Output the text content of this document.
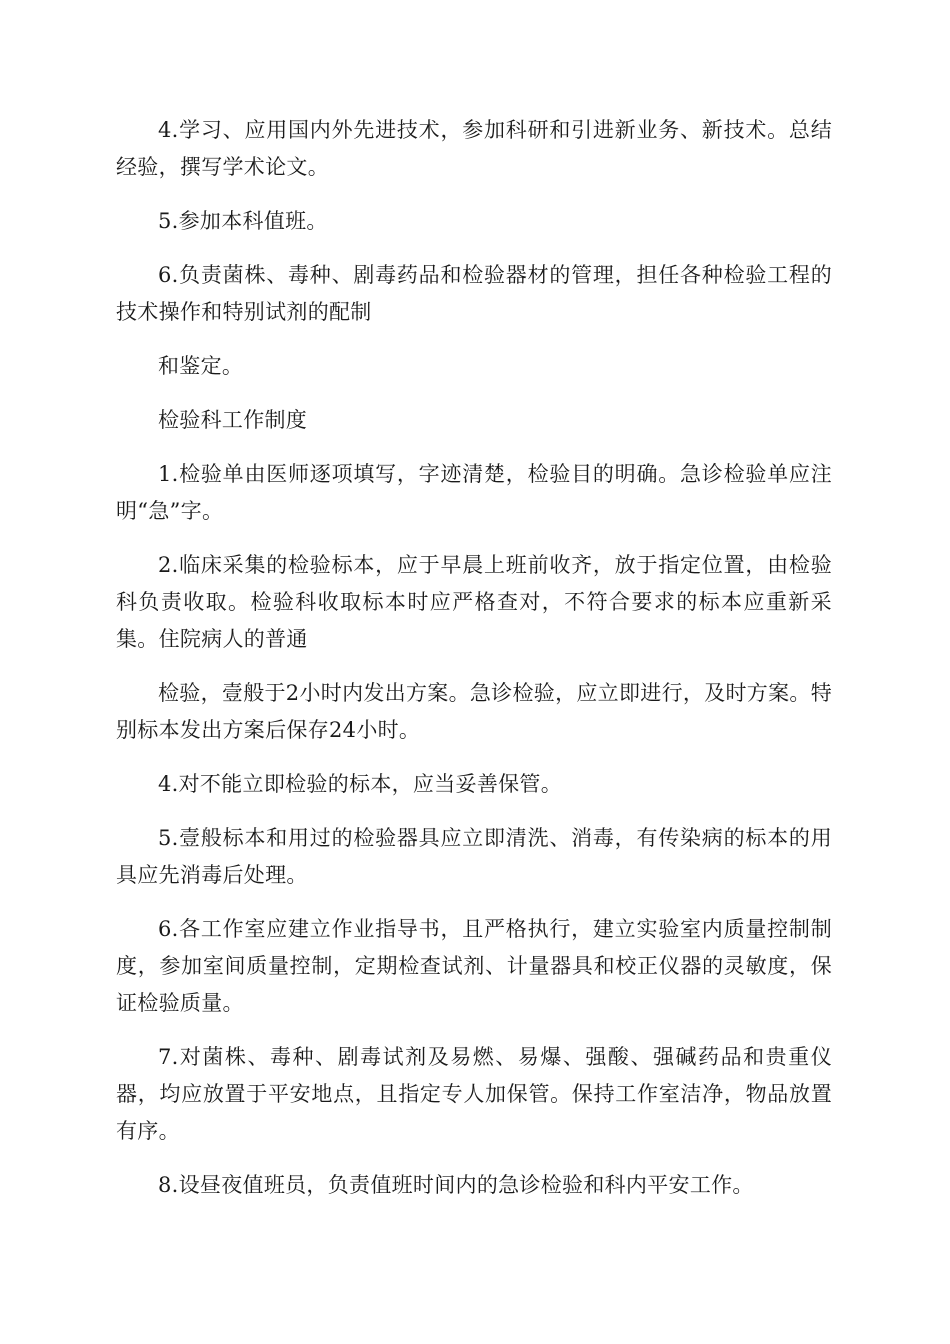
4.学习、应用国内外先进技术，参加科研和引进新业务、新技术。总结经验，撰写学术论文。

5.参加本科值班。

6.负责菌株、毒种、剧毒药品和检验器材的管理，担任各种检验工程的技术操作和特别试剂的配制

和鉴定。

检验科工作制度

1.检验单由医师逐项填写，字迹清楚，检验目的明确。急诊检验单应注明“急”字。

2.临床采集的检验标本，应于早晨上班前收齐，放于指定位置，由检验科负责收取。检验科收取标本时应严格查对，不符合要求的标本应重新采集。住院病人的普通

检验，壹般于2小时内发出方案。急诊检验，应立即进行，及时方案。特别标本发出方案后保存24小时。

4.对不能立即检验的标本，应当妥善保管。

5.壹般标本和用过的检验器具应立即清洗、消毒，有传染病的标本的用具应先消毒后处理。

6.各工作室应建立作业指导书，且严格执行，建立实验室内质量控制制度，参加室间质量控制，定期检查试剂、计量器具和校正仪器的灵敏度，保证检验质量。

7.对菌株、毒种、剧毒试剂及易燃、易爆、强酸、强碱药品和贵重仪器，均应放置于平安地点，且指定专人加保管。保持工作室洁净，物品放置有序。

8.设昼夜值班员，负责值班时间内的急诊检验和科内平安工作。
